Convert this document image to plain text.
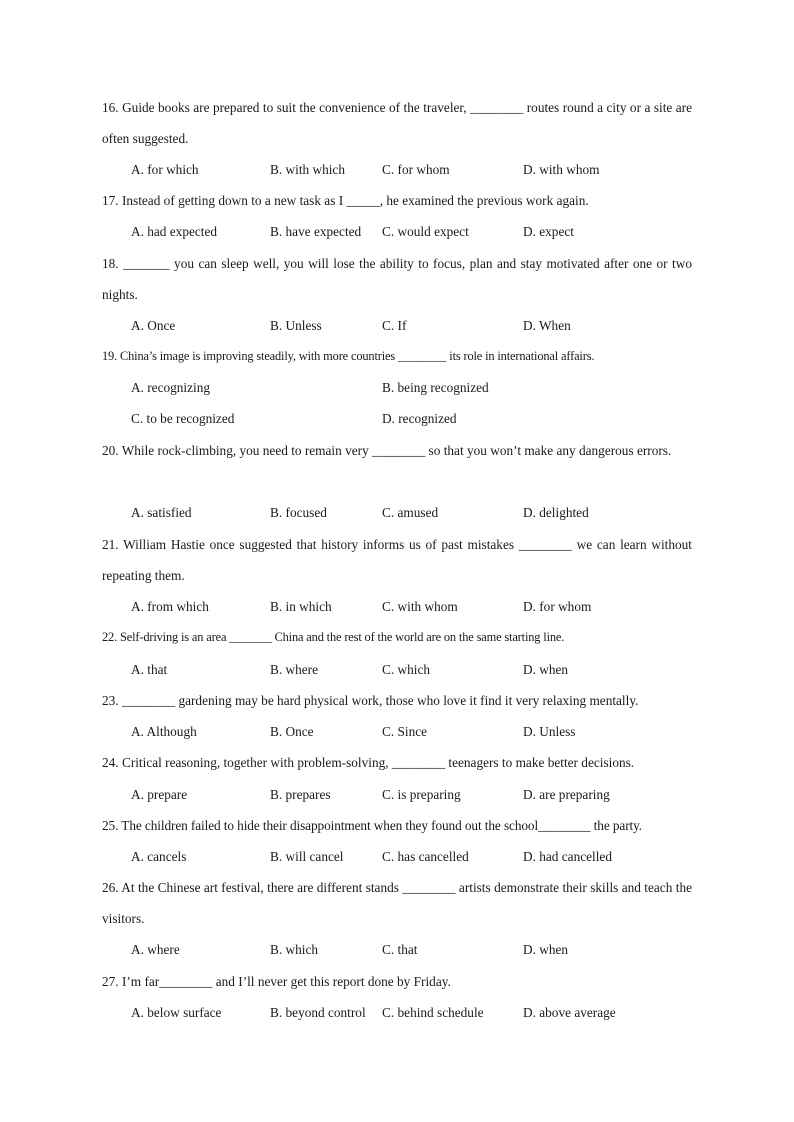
16. Guide books are prepared to suit the convenience of the traveler, ________ routes round a city or a site are often suggested.
A. for which	B. with which	C. for whom	D. with whom
17. Instead of getting down to a new task as I _____, he examined the previous work again.
A. had expected	B. have expected C. would expect	D. expect
18. _______ you can sleep well, you will lose the ability to focus, plan and stay motivated after one or two nights.
A. Once	B. Unless	C. If	D. When
19. China’s image is improving steadily, with more countries ________ its role in international affairs.
A. recognizing	B. being recognized
C. to be recognized	D. recognized
20. While rock-climbing, you need to remain very ________ so that you won’t make any dangerous errors.
A. satisfied	B. focused	C. amused	D. delighted
21. William Hastie once suggested that history informs us of past mistakes ________ we can learn without repeating them.
A. from which	B. in which	C. with whom	D. for whom
22. Self-driving is an area _______ China and the rest of the world are on the same starting line.
A. that	B. where	C. which	D. when
23. ________ gardening may be hard physical work, those who love it find it very relaxing mentally.
A. Although	B. Once	C. Since	D. Unless
24. Critical reasoning, together with problem-solving, ________ teenagers to make better decisions.
A. prepare	B. prepares	C. is preparing	D. are preparing
25. The children failed to hide their disappointment when they found out the school________ the party.
A. cancels	B. will cancel	C. has cancelled	D. had cancelled
26. At the Chinese art festival, there are different stands ________ artists demonstrate their skills and teach the visitors.
A. where	B. which	C. that	D. when
27. I’m far________ and I’ll never get this report done by Friday.
A. below surface	B. beyond control C. behind schedule	D. above average
